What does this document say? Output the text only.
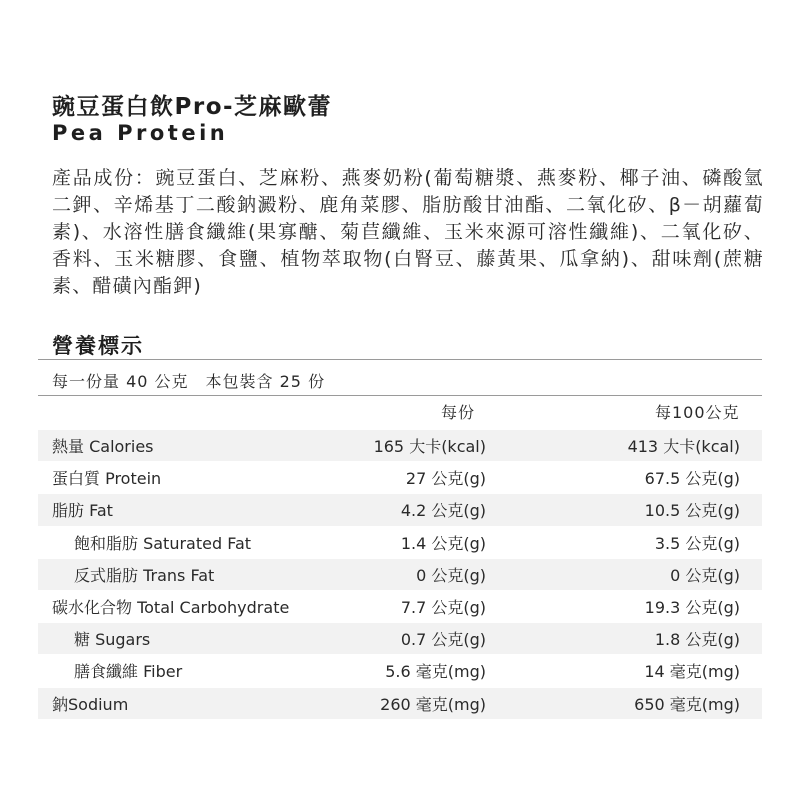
豌豆蛋白飲Pro-芝麻歐蕾
Pea Protein
產品成份：豌豆蛋白、芝麻粉、燕麥奶粉(葡萄糖漿、燕麥粉、椰子油、磷酸氫二鉀、辛烯基丁二酸鈉澱粉、鹿角菜膠、脂肪酸甘油酯、二氧化矽、β－胡蘿蔔素)、水溶性膳食纖維(果寡醣、菊苣纖維、玉米來源可溶性纖維)、二氧化矽、香料、玉米糖膠、食鹽、植物萃取物(白腎豆、藤黃果、瓜拿納)、甜味劑(蔗糖素、醋磺內酯鉀)
營養標示
每一份量 40 公克　本包裝含 25 份
每份	每100公克
熱量 Calories	165 大卡(kcal)	413 大卡(kcal)
蛋白質 Protein	27 公克(g)	67.5 公克(g)
脂肪 Fat	4.2 公克(g)	10.5 公克(g)
飽和脂肪 Saturated Fat	1.4 公克(g)	3.5 公克(g)
反式脂肪 Trans Fat	0 公克(g)	0 公克(g)
碳水化合物 Total Carbohydrate	7.7 公克(g)	19.3 公克(g)
糖 Sugars	0.7 公克(g)	1.8 公克(g)
膳食纖維 Fiber	5.6 毫克(mg)	14 毫克(mg)
鈉Sodium	260 毫克(mg)	650 毫克(mg)
